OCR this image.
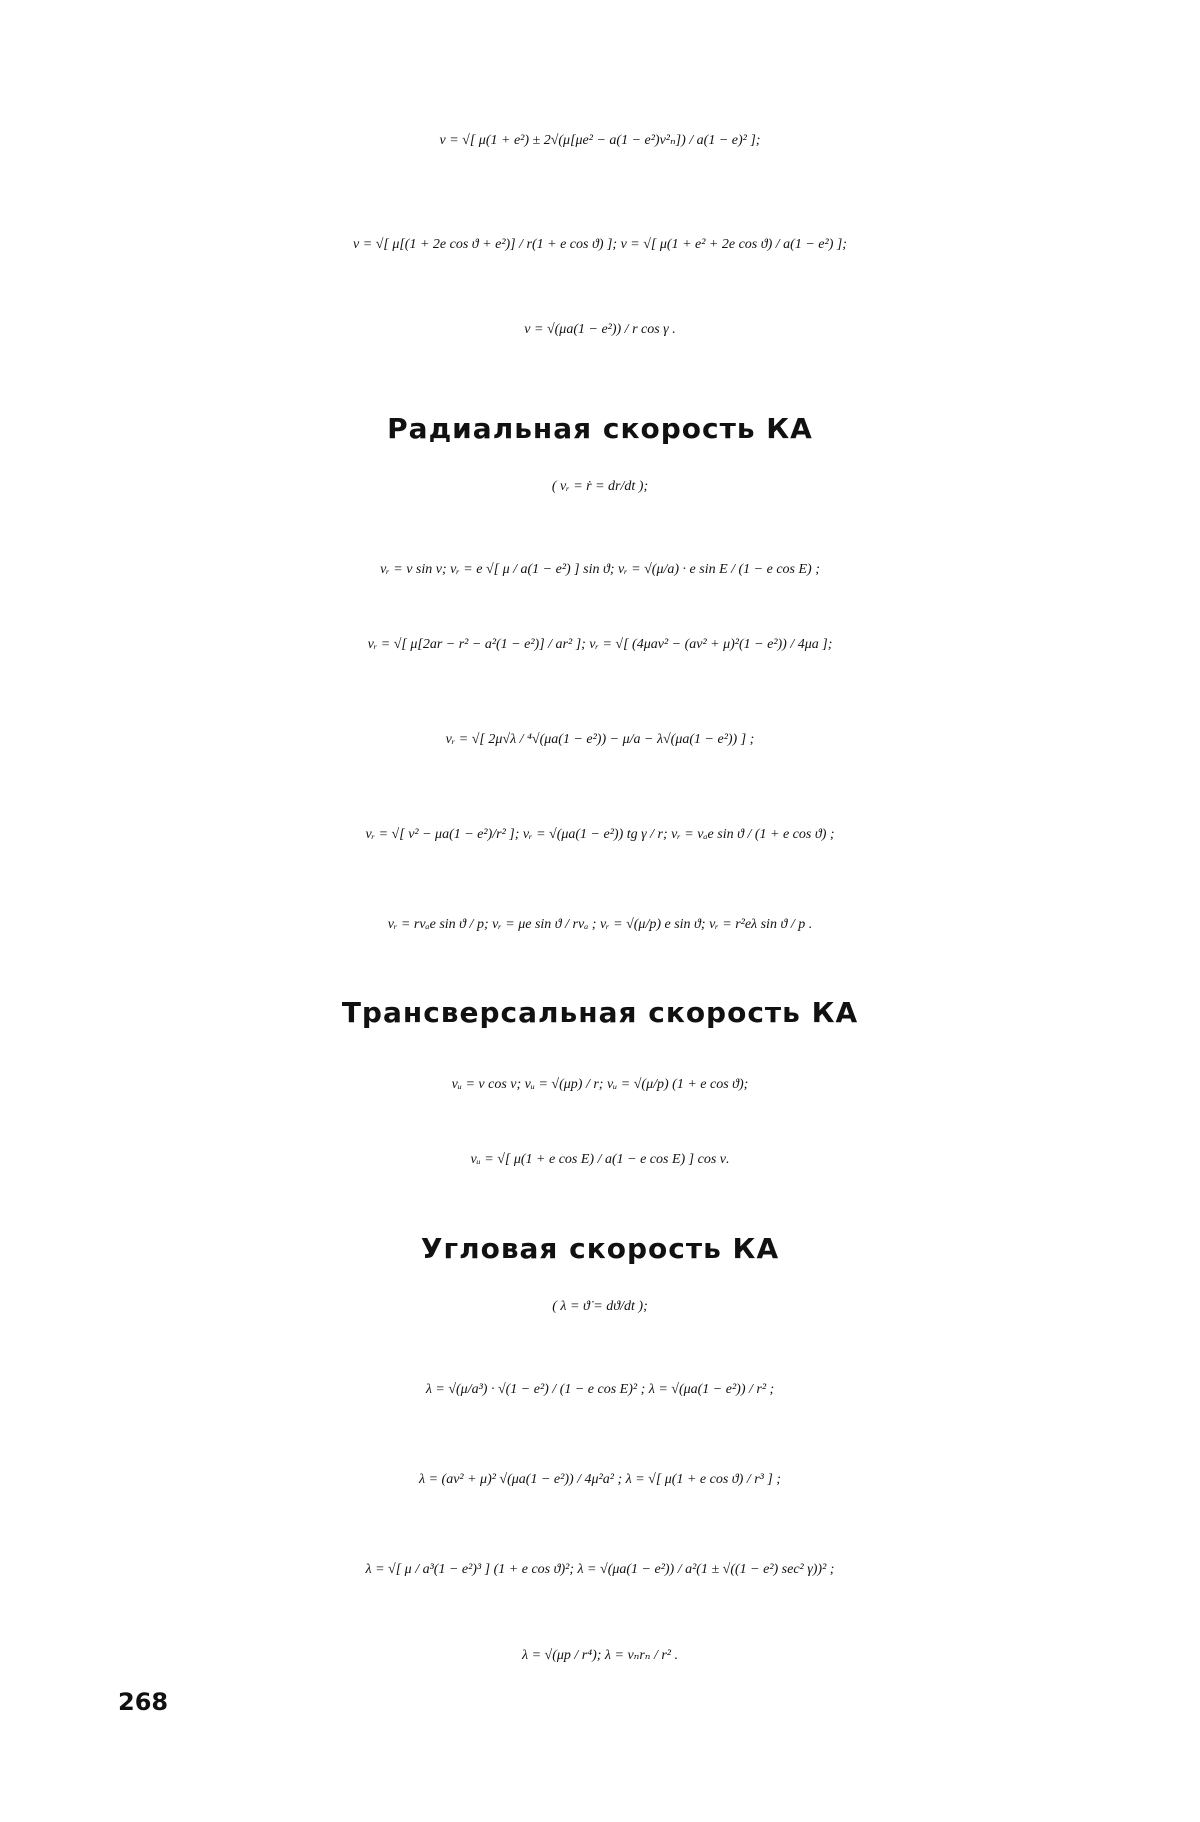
v = √[ μ(1 + e²) ± 2√(μ[μe² − a(1 − e²)v²ₙ]) / a(1 − e)² ];
v = √[ μ[(1 + 2e cos ϑ + e²)] / r(1 + e cos ϑ) ]; v = √[ μ(1 + e² + 2e cos ϑ) / a(1 − e²) ];
v = √(μa(1 − e²)) / r cos γ .
Радиальная скорость КА
( vᵣ = ṙ = dr/dt );
vᵣ = v sin ν; vᵣ = e √[ μ / a(1 − e²) ] sin ϑ; vᵣ = √(μ/a) · e sin E / (1 − e cos E) ;
vᵣ = √[ μ[2ar − r² − a²(1 − e²)] / ar² ]; vᵣ = √[ (4μav² − (av² + μ)²(1 − e²)) / 4μa ];
vᵣ = √[ 2μ√λ / ⁴√(μa(1 − e²)) − μ/a − λ√(μa(1 − e²)) ] ;
vᵣ = √[ v² − μa(1 − e²)/r² ]; vᵣ = √(μa(1 − e²)) tg γ / r; vᵣ = vₐe sin ϑ / (1 + e cos ϑ) ;
vᵣ = rvₐe sin ϑ / p; vᵣ = μe sin ϑ / rvₐ ; vᵣ = √(μ/p) e sin ϑ; vᵣ = r²eλ sin ϑ / p .
Трансверсальная скорость КА
vᵤ = v cos ν; vᵤ = √(μp) / r; vᵤ = √(μ/p) (1 + e cos ϑ);
vᵤ = √[ μ(1 + e cos E) / a(1 − e cos E) ] cos ν.
Угловая скорость КА
( λ = ϑ̇ = dϑ/dt );
λ = √(μ/a³) · √(1 − e²) / (1 − e cos E)² ; λ = √(μa(1 − e²)) / r² ;
λ = (av² + μ)² √(μa(1 − e²)) / 4μ²a² ; λ = √[ μ(1 + e cos ϑ) / r³ ] ;
λ = √[ μ / a³(1 − e²)³ ] (1 + e cos ϑ)²; λ = √(μa(1 − e²)) / a²(1 ± √((1 − e²) sec² γ))² ;
λ = √(μp / r⁴); λ = vₙrₙ / r² .
268
